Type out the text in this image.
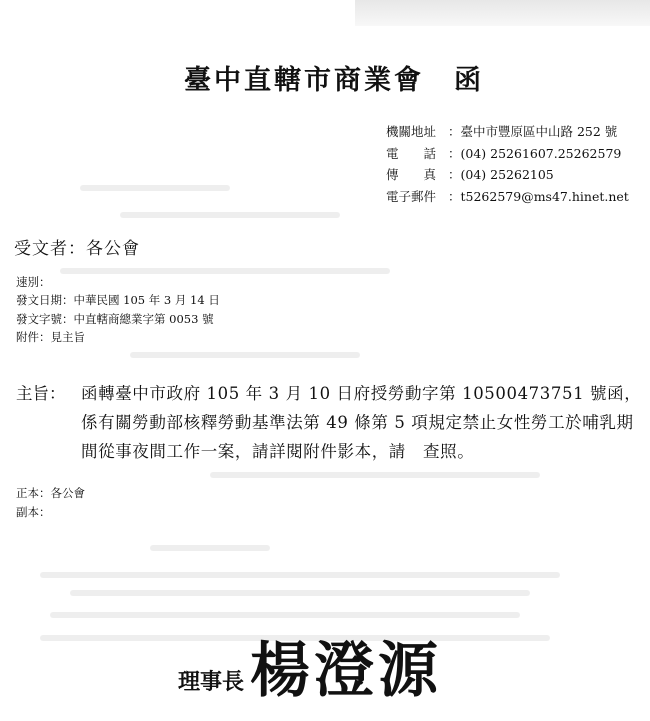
臺中直轄市商業會　函
機關地址 ：臺中市豐原區中山路 252 號
電　　話 ：(04) 25261607.25262579
傳　　真 ：(04) 25262105
電子郵件 ：t5262579@ms47.hinet.net
受文者：各公會
速別：
發文日期：中華民國 105 年 3 月 14 日
發文字號：中直轄商總業字第 0053 號
附件：見主旨
主旨： 函轉臺中市政府 105 年 3 月 10 日府授勞動字第 10500473751 號函，係有關勞動部核釋勞動基準法第 49 條第 5 項規定禁止女性勞工於哺乳期間從事夜間工作一案，請詳閱附件影本，請　查照。
正本：各公會
副本：
理事長 楊澄源
